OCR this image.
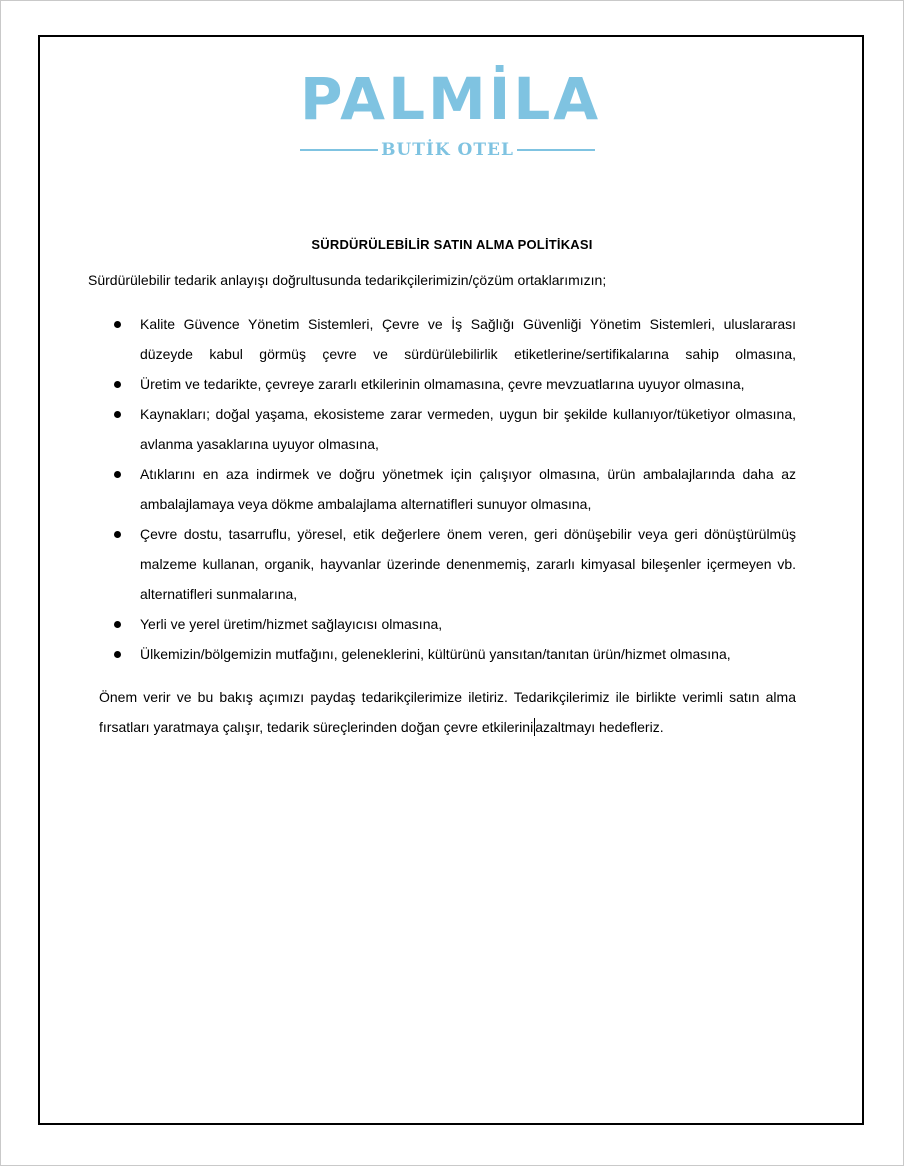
PALMİLA
BUTİK OTEL
SÜRDÜRÜLEBİLİR SATIN ALMA POLİTİKASI
Sürdürülebilir tedarik anlayışı doğrultusunda tedarikçilerimizin/çözüm ortaklarımızın;
Kalite Güvence Yönetim Sistemleri, Çevre ve İş Sağlığı Güvenliği Yönetim Sistemleri, uluslararası düzeyde kabul görmüş çevre ve sürdürülebilirlik etiketlerine/sertifikalarına sahip olmasına,
Üretim ve tedarikte, çevreye zararlı etkilerinin olmamasına, çevre mevzuatlarına uyuyor olmasına,
Kaynakları; doğal yaşama, ekosisteme zarar vermeden, uygun bir şekilde kullanıyor/tüketiyor olmasına, avlanma yasaklarına uyuyor olmasına,
Atıklarını en aza indirmek ve doğru yönetmek için çalışıyor olmasına, ürün ambalajlarında daha az ambalajlamaya veya dökme ambalajlama alternatifleri sunuyor olmasına,
Çevre dostu, tasarruflu, yöresel, etik değerlere önem veren, geri dönüşebilir veya geri dönüştürülmüş malzeme kullanan, organik, hayvanlar üzerinde denenmemiş, zararlı kimyasal bileşenler içermeyen vb. alternatifleri sunmalarına,
Yerli ve yerel üretim/hizmet sağlayıcısı olmasına,
Ülkemizin/bölgemizin mutfağını, geleneklerini, kültürünü yansıtan/tanıtan ürün/hizmet olmasına,
Önem verir ve bu bakış açımızı paydaş tedarikçilerimize iletiriz. Tedarikçilerimiz ile birlikte verimli satın alma fırsatları yaratmaya çalışır, tedarik süreçlerinden doğan çevre etkilerini azaltmayı hedefleriz.
